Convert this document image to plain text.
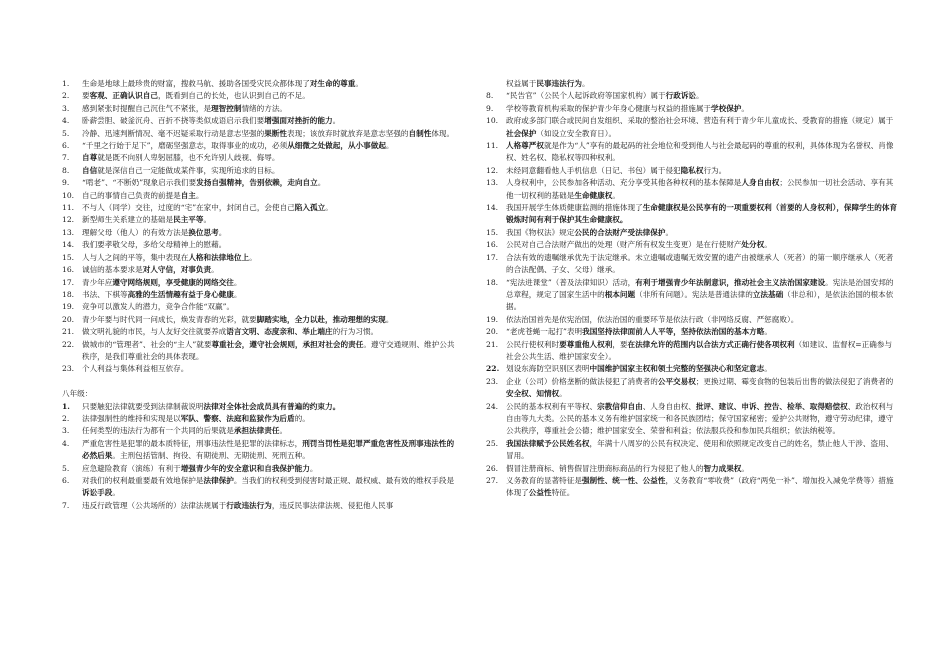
1.	生命是地球上最珍贵的财富，搜救马航、援助各国受灾民众都体现了对生命的尊重。
2.	要客观、正确认识自己，既看到自己的长处，也认识到自己的不足。
3.	感到紧张时提醒自己沉住气不紧张，是理智控制情绪的方法。
4.	卧薪尝胆、破釜沉舟、百折不挠等类似成语启示我们要增强面对挫折的能力。
5.	冷静、迅速判断情况、毫不迟疑采取行动是意志坚强的果断性表现；该放弃时就放弃是意志坚强的自制性体现。
6.	“千里之行始于足下”，磨砺坚强意志，取得事业的成功，必须从细微之处做起，从小事做起。
7.	自尊就是既不向别人卑躬屈膝，也不允许别人歧视、侮辱。
8.	自信就是深信自己一定能做成某件事，实现所追求的目标。
9.	“啃老”、“不断奶”现象启示我们要发扬自强精神，告别依赖，走向自立。
10.	自己的事情自己负责的前提是自主。
11.	不与人（同学）交往，过度的“宅”在家中，封闭自己，会使自己陷入孤立。
12.	新型师生关系建立的基础是民主平等。
13.	理解父母（他人）的有效方法是换位思考。
14.	我们要孝敬父母，多给父母精神上的慰藉。
15.	人与人之间的平等，集中表现在人格和法律地位上。
16.	诚信的基本要求是对人守信，对事负责。
17.	青少年应遵守网络规则，享受健康的网络交往。
18.	书法、下棋等高雅的生活情趣有益于身心健康。
19.	竞争可以激发人的潜力，竞争合作能“双赢”。
20.	青少年要与时代同一问成长，焕发青春的光彩，就要脚踏实地，全力以赴，推动理想的实现。
21.	做文明礼貌的市民，与人友好交往就要养成语言文明、态度亲和、举止端庄的行为习惯。
22.	做城市的“管理者”、社会的“主人”就要尊重社会，遵守社会规则，承担对社会的责任。遵守交通规则、维护公共秩序，是我们尊重社会的具体表现。
23.	个人利益与集体利益相互依存。
八年级：
1.	只要触犯法律就要受到法律制裁说明法律对全体社会成员具有普遍的约束力。
2.	法律强制性的维持和实现是以军队、警察、法庭和监狱作为后盾的。
3.	任何类型的违法行为都有一个共同的后果就是承担法律责任。
4.	严重危害性是犯罪的最本质特征，刑事违法性是犯罪的法律标志，刑罚当罚性是犯罪严重危害性及刑事违法性的必然后果。主刑包括管制、拘役、有期徒刑、无期徒刑、死刑五种。
5.	应急避险教育（演练）有利于增强青少年的安全意识和自我保护能力。
6.	对我们的权利最重要最有效地保护是法律保护。当我们的权利受到侵害时最正规、最权威、最有效的维权手段是诉讼手段。
7.	违反行政管理（公共场所的）法律法规属于行政违法行为，违反民事法律法规、侵犯他人民事
权益属于民事违法行为。
8.	“民告官”（公民个人起诉政府等国家机构）属于行政诉讼。
9.	学校等教育机构采取的保护青少年身心健康与权益的措施属于学校保护。
10.	政府或多部门联合或民间自发组织、采取的整治社会环境、营造有利于青少年儿童成长、受教育的措施（规定）属于社会保护（如设立安全教育日）。
11.	人格尊严权就是作为“人”享有的最起码的社会地位和受到他人与社会最起码的尊重的权利，具体体现为名誉权、肖像权、姓名权、隐私权等四种权利。
12.	未经同意翻看他人手机信息（日记、书包）属于侵犯隐私权行为。
13.	人身权利中，公民参加各种活动、充分享受其他各种权利的基本保障是人身自由权；公民参加一切社会活动、享有其他一切权利的基础是生命健康权。
14.	我国开展学生体质健康监测的措施体现了生命健康权是公民享有的一项重要权利（首要的人身权利），保障学生的体育锻炼时间有利于保护其生命健康权。
15.	我国《物权法》规定公民的合法财产受法律保护。
16.	公民对自己合法财产做出的处理（财产所有权发生变更）是在行使财产处分权。
17.	合法有效的遗嘱继承优先于法定继承。未立遗嘱或遗嘱无效安置的遗产由被继承人（死者）的第一顺序继承人（死者的合法配偶、子女、父母）继承。
18.	“宪法进课堂”（普及法律知识）活动，有利于增强青少年法制意识，推动社会主义法治国家建设。宪法是治国安邦的总章程，规定了国家生活中的根本问题（非所有问题）。宪法是普通法律的立法基础（非总和），是依法治国的根本依据。
19.	依法治国首先是依宪治国，依法治国的重要环节是依法行政（非网络反腐、严惩腐败）。
20.	“老虎苍蝇一起打”表明我国坚持法律面前人人平等，坚持依法治国的基本方略。
21.	公民行使权利时要尊重他人权利，要在法律允许的范围内以合法方式正确行使各项权利（如建议、监督权=正确参与社会公共生活、维护国家安全）。
22. 划设东海防空识别区表明中国维护国家主权和领土完整的坚强决心和坚定意志。
23.	企业（公司）价格垄断的做法侵犯了消费者的公平交易权；更换过期、霉变食物的包装后出售的做法侵犯了消费者的安全权、知情权。
24.	公民的基本权利有平等权、宗教信仰自由、人身自由权、批评、建议、申诉、控告、检举、取得赔偿权、政治权利与自由等九大类。公民的基本义务有维护国家统一和各民族团结；保守国家秘密；爱护公共财物，遵守劳动纪律，遵守公共秩序，尊重社会公德；维护国家安全、荣誉和利益；依法服兵役和参加民兵组织；依法纳税等。
25.	我国法律赋予公民姓名权，年满十八周岁的公民有权决定、使用和依照规定改变自己的姓名，禁止他人干涉、盗用、冒用。
26.	假冒注册商标、销售假冒注册商标商品的行为侵犯了他人的智力成果权。
27.	义务教育的显著特征是强制性、统一性、公益性，义务教育“零收费”（政府“两免一补”、增加投入减免学费等）措施体现了公益性特征。
